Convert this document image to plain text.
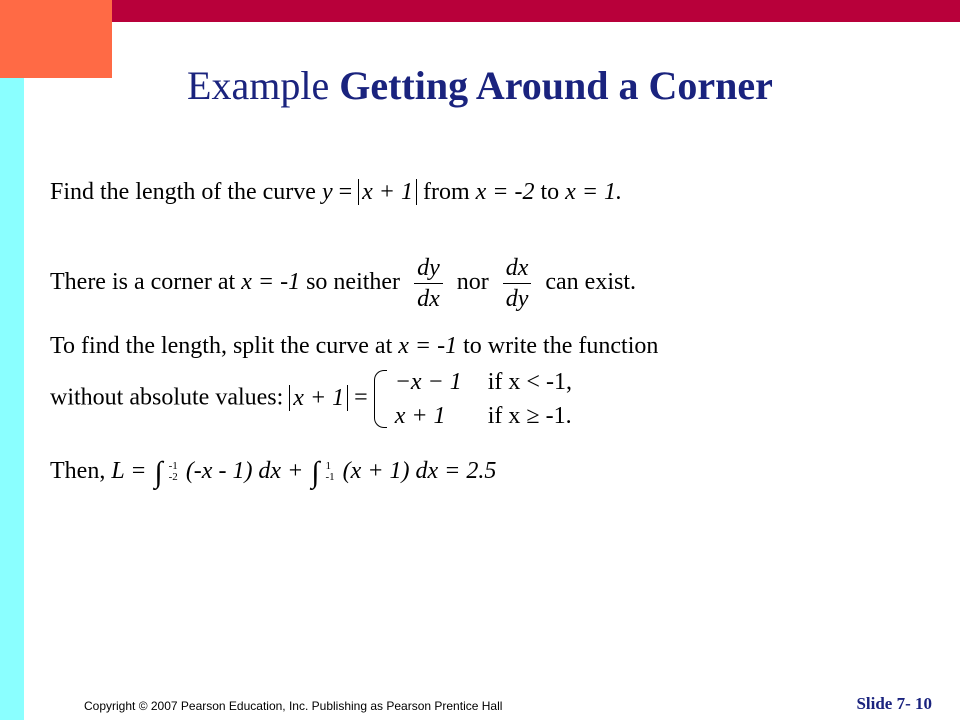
Example Getting Around a Corner
Find the length of the curve y = x + 1 from x = -2 to x = 1.
There is a corner at x = -1 so neither $\frac{dy}{dx}$ nor $\frac{dx}{dy}$ can exist.
To find the length, split the curve at x = -1 to write the function
without absolute values: x + 1 =
−x − 1 if x < -1,
x + 1	if x ≥ -1.
Then, L = ∫ -1
-2 (-x - 1) dx + ∫ 1
-1 (x + 1) dx = 2.5
Copyright © 2007 Pearson Education, Inc. Publishing as Pearson Prentice Hall	Slide 7- 10
